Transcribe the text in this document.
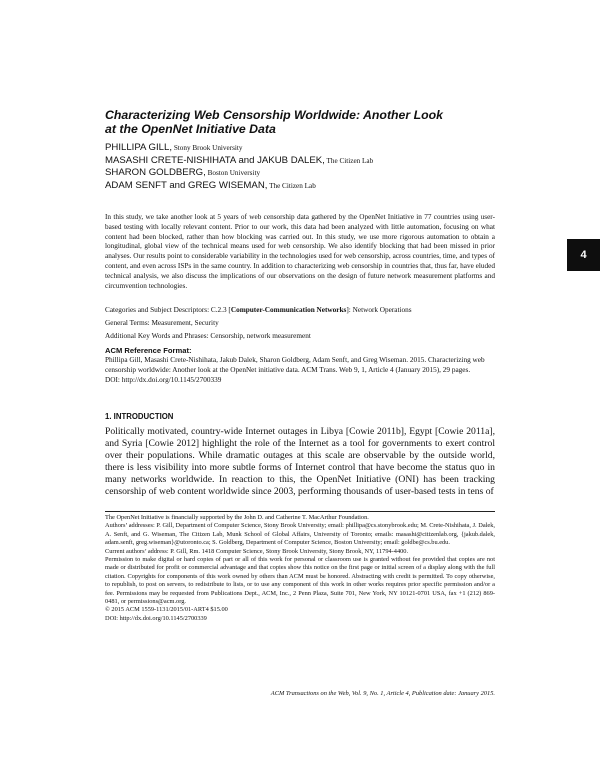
Characterizing Web Censorship Worldwide: Another Look
at the OpenNet Initiative Data
PHILLIPA GILL, Stony Brook University
MASASHI CRETE-NISHIHATA and JAKUB DALEK, The Citizen Lab
SHARON GOLDBERG, Boston University
ADAM SENFT and GREG WISEMAN, The Citizen Lab

In this study, we take another look at 5 years of web censorship data gathered by the OpenNet Initiative in 77 countries using user-based testing with locally relevant content. Prior to our work, this data had been analyzed with little automation, focusing on what content had been blocked, rather than how blocking was carried out. In this study, we use more rigorous automation to obtain a longitudinal, global view of the technical means used for web censorship. We also identify blocking that had been missed in prior analyses. Our results point to considerable variability in the technologies used for web censorship, across countries, time, and types of content, and even across ISPs in the same country. In addition to characterizing web censorship in countries that, thus far, have eluded technical analysis, we also discuss the implications of our observations on the design of future network measurement platforms and circumvention technologies.

Categories and Subject Descriptors: C.2.3 [Computer-Communication Networks]: Network Operations

General Terms: Measurement, Security

Additional Key Words and Phrases: Censorship, network measurement

ACM Reference Format:

Phillipa Gill, Masashi Crete-Nishihata, Jakub Dalek, Sharon Goldberg, Adam Senft, and Greg Wiseman. 2015. Characterizing web censorship worldwide: Another look at the OpenNet initiative data. ACM Trans. Web 9, 1, Article 4 (January 2015), 29 pages.
DOI: http://dx.doi.org/10.1145/2700339

1. INTRODUCTION

Politically motivated, country-wide Internet outages in Libya [Cowie 2011b], Egypt [Cowie 2011a], and Syria [Cowie 2012] highlight the role of the Internet as a tool for governments to exert control over their populations. While dramatic outages at this scale are observable by the outside world, there is less visibility into more subtle forms of Internet control that have become the status quo in many networks worldwide. In reaction to this, the OpenNet Initiative (ONI) has been tracking censorship of web content worldwide since 2003, performing thousands of user-based tests in tens of

The OpenNet Initiative is financially supported by the John D. and Catherine T. MacArthur Foundation.

Authors’ addresses: P. Gill, Department of Computer Science, Stony Brook University; email: phillipa@cs.stonybrook.edu; M. Crete-Nishihata, J. Dalek, A. Senft, and G. Wiseman, The Citizen Lab, Munk School of Global Affairs, University of Toronto; emails: masashi@citizenlab.org, {jakub.dalek, adam.senft, greg.wiseman}@utoronto.ca; S. Goldberg, Department of Computer Science, Boston University; email: goldbe@cs.bu.edu.

Current authors’ address: P. Gill, Rm. 1418 Computer Science, Stony Brook University, Stony Brook, NY, 11794-4400.

Permission to make digital or hard copies of part or all of this work for personal or classroom use is granted without fee provided that copies are not made or distributed for profit or commercial advantage and that copies show this notice on the first page or initial screen of a display along with the full citation. Copyrights for components of this work owned by others than ACM must be honored. Abstracting with credit is permitted. To copy otherwise, to republish, to post on servers, to redistribute to lists, or to use any component of this work in other works requires prior specific permission and/or a fee. Permissions may be requested from Publications Dept., ACM, Inc., 2 Penn Plaza, Suite 701, New York, NY 10121-0701 USA, fax +1 (212) 869-0481, or permissions@acm.org.

© 2015 ACM 1559-1131/2015/01-ART4 $15.00

DOI: http://dx.doi.org/10.1145/2700339

ACM Transactions on the Web, Vol. 9, No. 1, Article 4, Publication date: January 2015.
4
